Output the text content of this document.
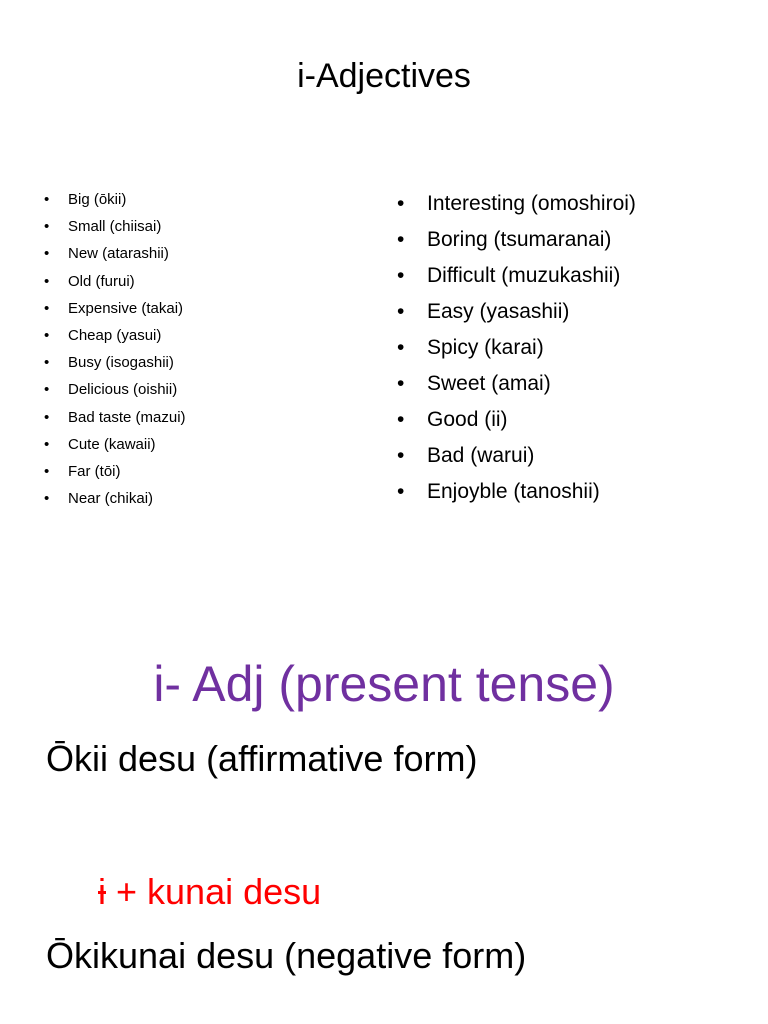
i-Adjectives
• Big (ōkii)
• Small (chiisai)
• New (atarashii)
• Old (furui)
• Expensive (takai)
• Cheap (yasui)
• Busy (isogashii)
• Delicious (oishii)
• Bad taste (mazui)
• Cute (kawaii)
• Far (tōi)
• Near (chikai)
• Interesting (omoshiroi)
• Boring (tsumaranai)
• Difficult (muzukashii)
• Easy (yasashii)
• Spicy (karai)
• Sweet (amai)
• Good (ii)
• Bad (warui)
• Enjoyble (tanoshii)
i- Adj (present tense)
Ōkii desu (affirmative form)
i + kunai desu
Ōkikunai desu (negative form)
